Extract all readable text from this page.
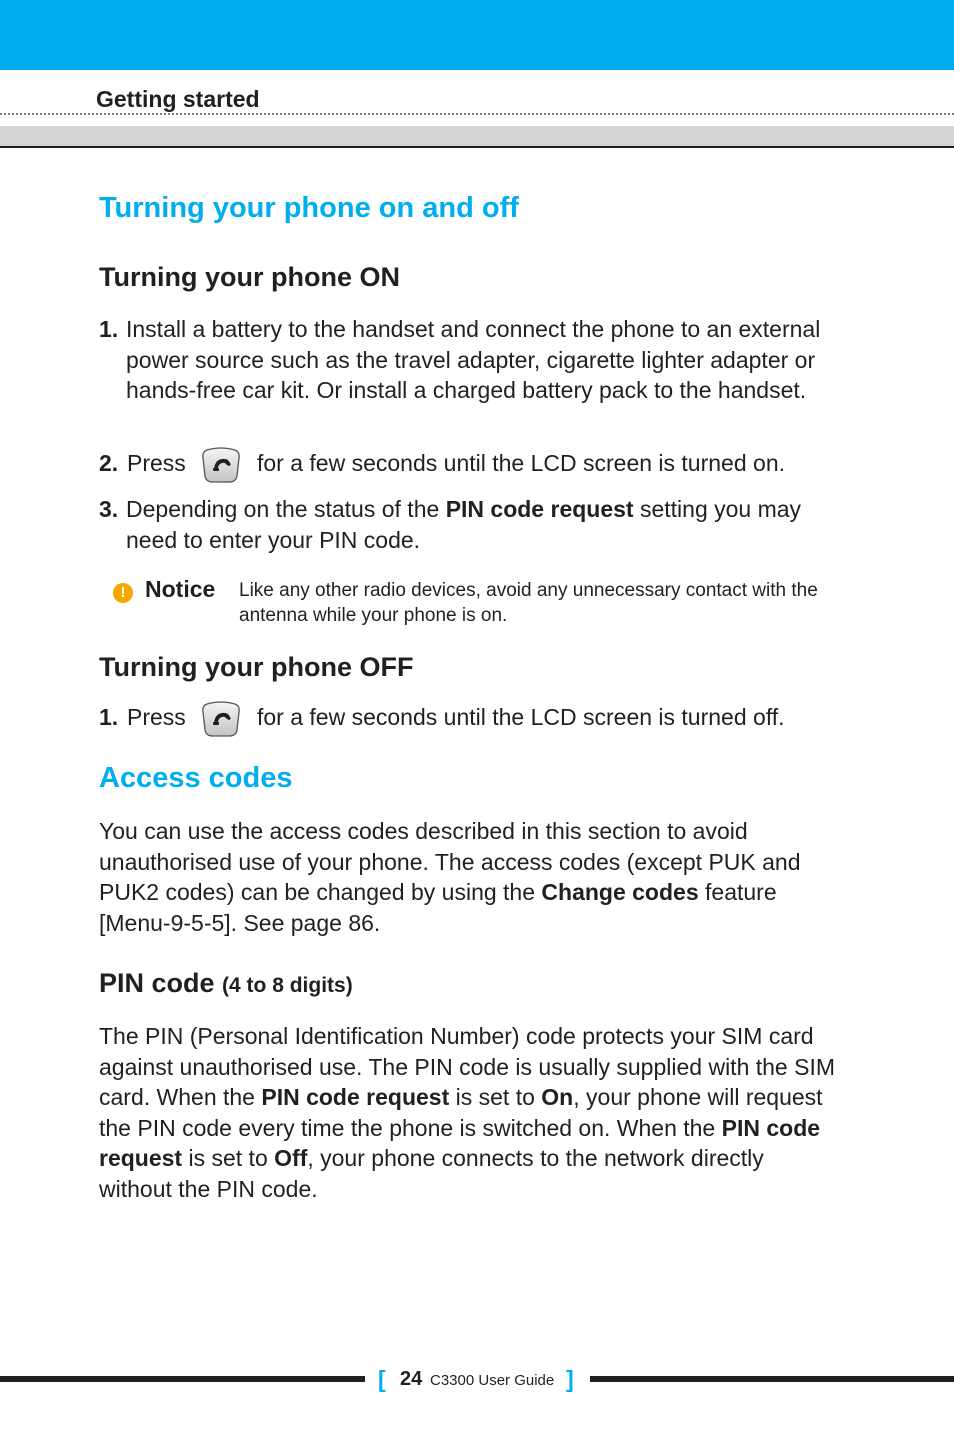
Getting started
Turning your phone on and off
Turning your phone ON
1. Install a battery to the handset and connect the phone to an external power source such as the travel adapter, cigarette lighter adapter or hands-free car kit. Or install a charged battery pack to the handset.
2. Press	for a few seconds until the LCD screen is turned on.
3. Depending on the status of the PIN code request setting you may need to enter your PIN code.
!
Notice Like any other radio devices, avoid any unnecessary contact with the antenna while your phone is on.
Turning your phone OFF
1. Press	for a few seconds until the LCD screen is turned off.
Access codes
You can use the access codes described in this section to avoid unauthorised use of your phone. The access codes (except PUK and PUK2 codes) can be changed by using the Change codes feature [Menu-9-5-5]. See page 86.
PIN code (4 to 8 digits)
The PIN (Personal Identification Number) code protects your SIM card against unauthorised use. The PIN code is usually supplied with the SIM card. When the PIN code request is set to On, your phone will request the PIN code every time the phone is switched on. When the PIN code request is set to Off, your phone connects to the network directly without the PIN code.
[ 24 C3300 User Guide ]
